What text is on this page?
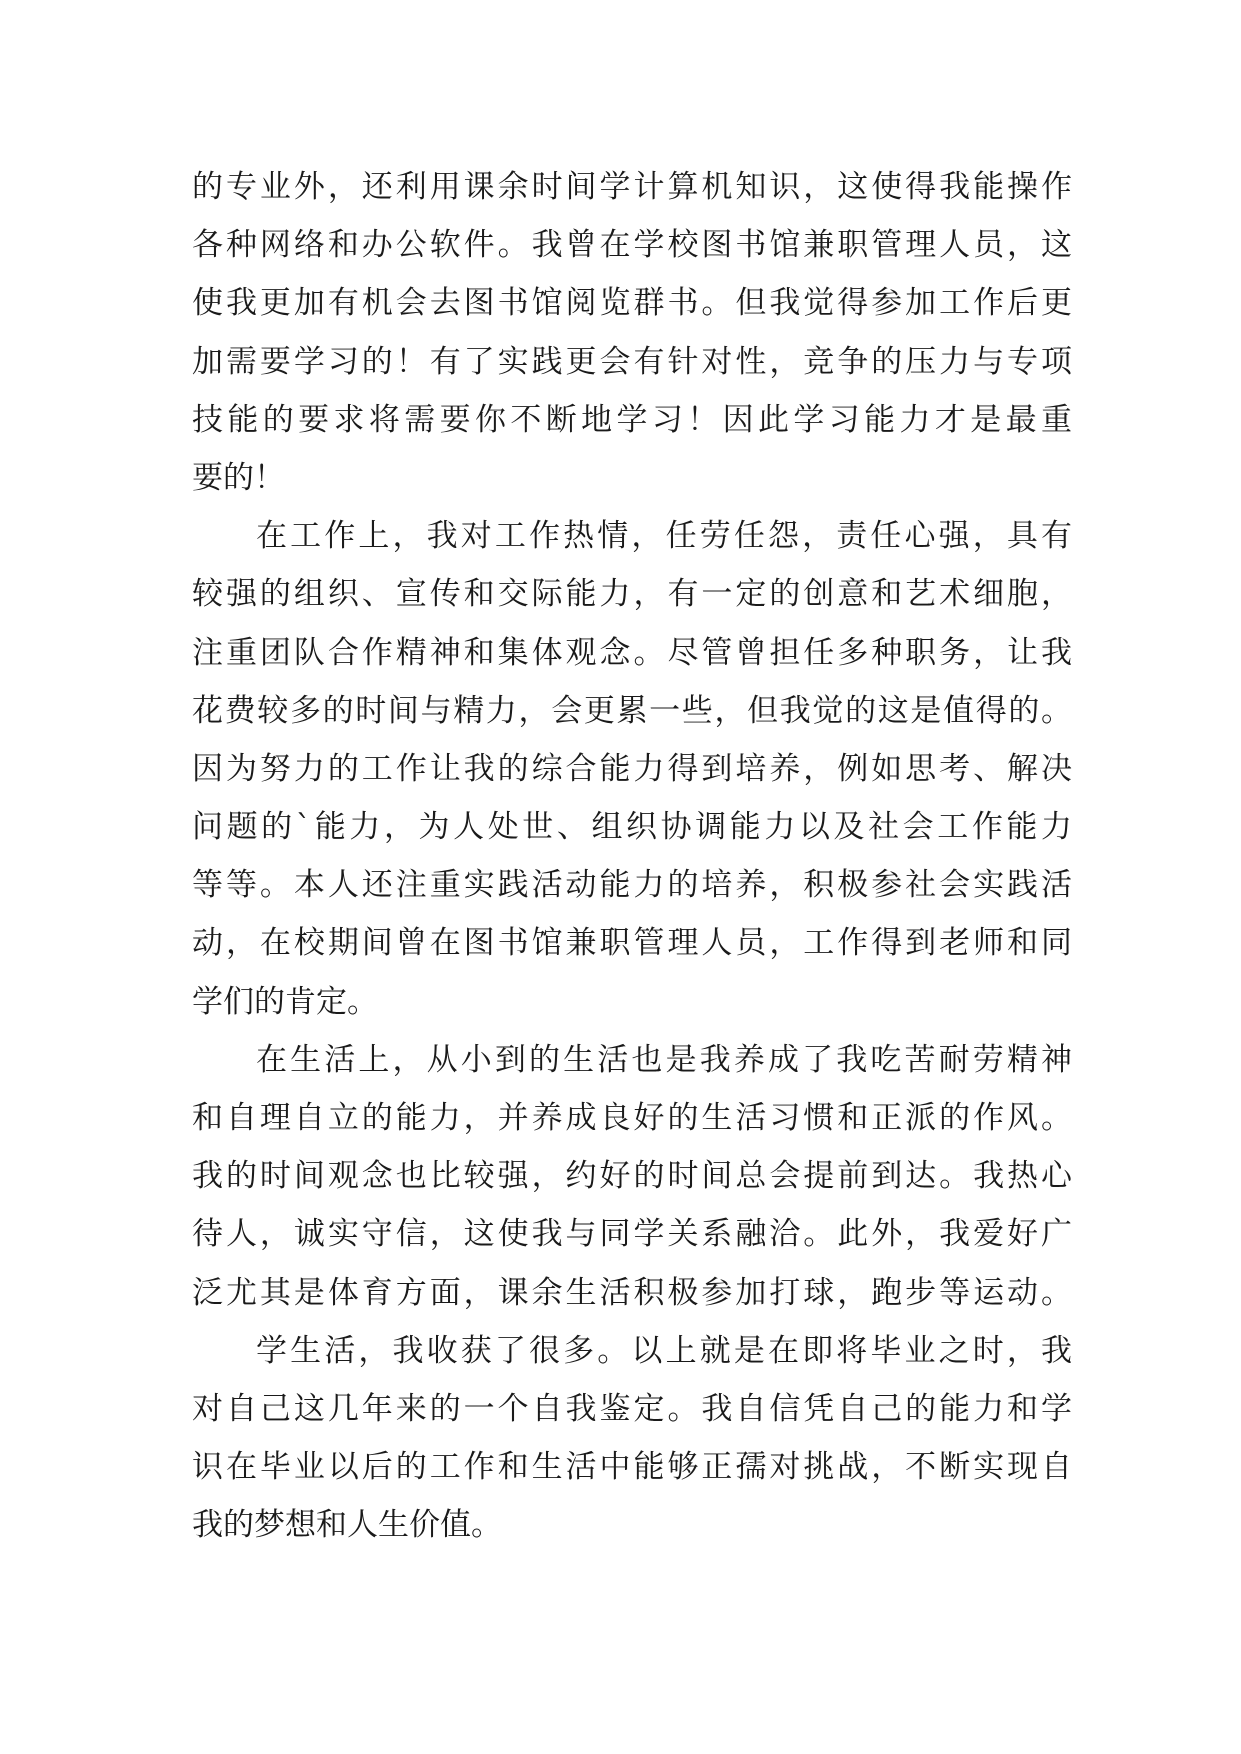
的专业外，还利用课余时间学计算机知识，这使得我能操作
各种网络和办公软件。我曾在学校图书馆兼职管理人员，这
使我更加有机会去图书馆阅览群书。但我觉得参加工作后更
加需要学习的！有了实践更会有针对性，竞争的压力与专项
技能的要求将需要你不断地学习！因此学习能力才是最重
要的！
在工作上，我对工作热情，任劳任怨，责任心强，具有
较强的组织、宣传和交际能力，有一定的创意和艺术细胞，
注重团队合作精神和集体观念。尽管曾担任多种职务，让我
花费较多的时间与精力，会更累一些，但我觉的这是值得的。
因为努力的工作让我的综合能力得到培养，例如思考、解决
问题的`能力，为人处世、组织协调能力以及社会工作能力
等等。本人还注重实践活动能力的培养，积极参社会实践活
动，在校期间曾在图书馆兼职管理人员，工作得到老师和同
学们的肯定。
在生活上，从小到的生活也是我养成了我吃苦耐劳精神
和自理自立的能力，并养成良好的生活习惯和正派的作风。
我的时间观念也比较强，约好的时间总会提前到达。我热心
待人，诚实守信，这使我与同学关系融洽。此外，我爱好广
泛尤其是体育方面，课余生活积极参加打球，跑步等运动。
学生活，我收获了很多。以上就是在即将毕业之时，我
对自己这几年来的一个自我鉴定。我自信凭自己的能力和学
识在毕业以后的工作和生活中能够正孺对挑战，不断实现自
我的梦想和人生价值。
